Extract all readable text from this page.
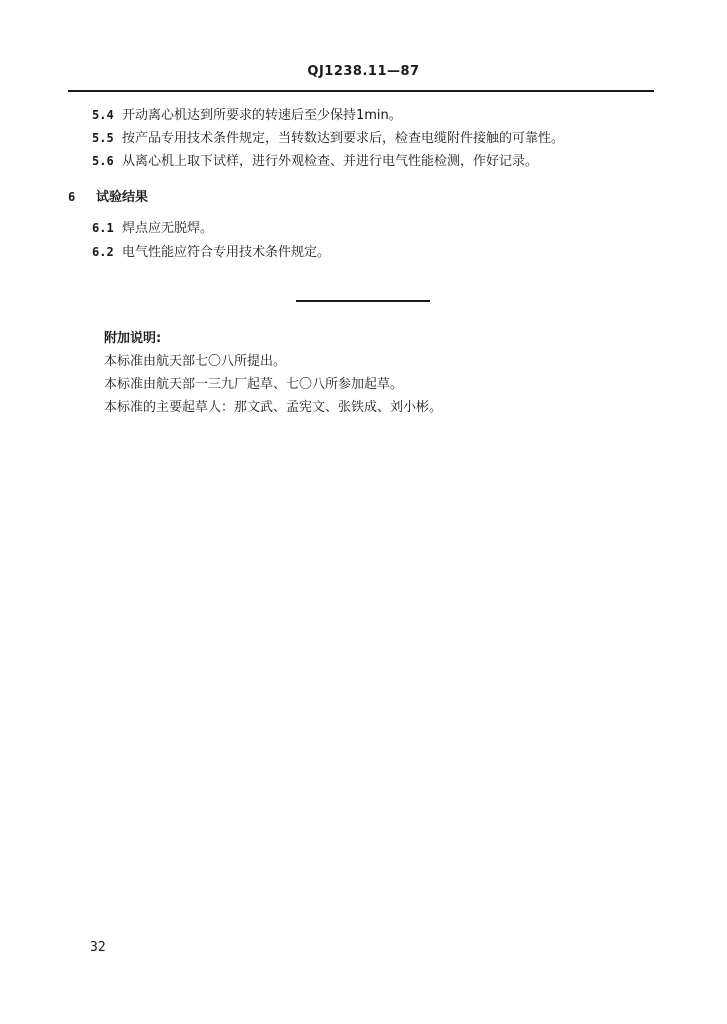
QJ1238.11—87
5.4 开动离心机达到所要求的转速后至少保持1min。
5.5 按产品专用技术条件规定，当转数达到要求后，检查电缆附件接触的可靠性。
5.6 从离心机上取下试样，进行外观检查、并进行电气性能检测，作好记录。
6 试验结果
6.1 焊点应无脱焊。
6.2 电气性能应符合专用技术条件规定。
附加说明:
本标准由航天部七〇八所提出。
本标准由航天部一三九厂起草、七〇八所参加起草。
本标准的主要起草人：那文武、孟宪文、张铁成、刘小彬。
32
